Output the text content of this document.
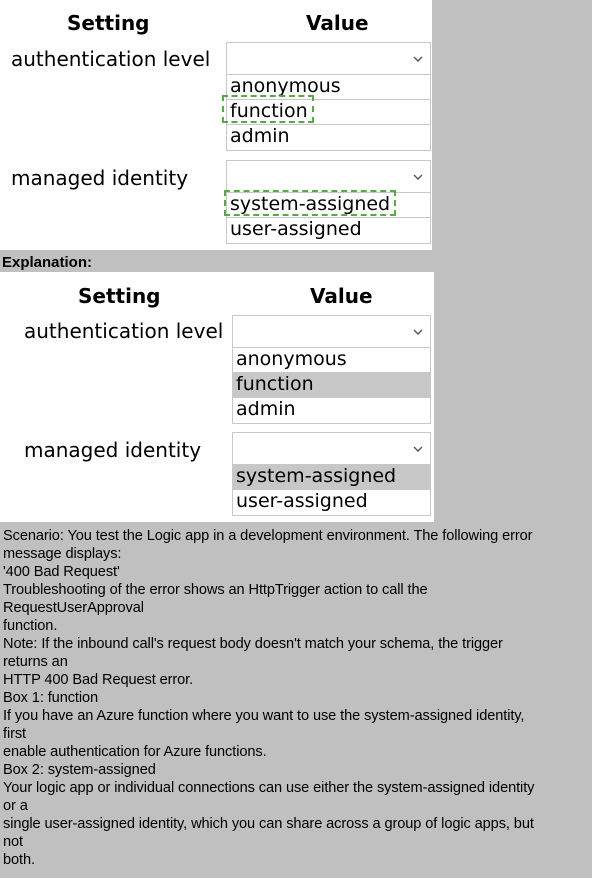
Setting	Value
authentication level
anonymous
function
admin
managed identity
system-assigned
user-assigned
Explanation:
Setting	Value
authentication level
anonymous
function
admin
managed identity
system-assigned
user-assigned
Scenario: You test the Logic app in a development environment. The following error
message displays:
'400 Bad Request'
Troubleshooting of the error shows an HttpTrigger action to call the
RequestUserApproval
function.
Note: If the inbound call's request body doesn't match your schema, the trigger
returns an
HTTP 400 Bad Request error.
Box 1: function
If you have an Azure function where you want to use the system-assigned identity,
first
enable authentication for Azure functions.
Box 2: system-assigned
Your logic app or individual connections can use either the system-assigned identity
or a
single user-assigned identity, which you can share across a group of logic apps, but
not
both.
